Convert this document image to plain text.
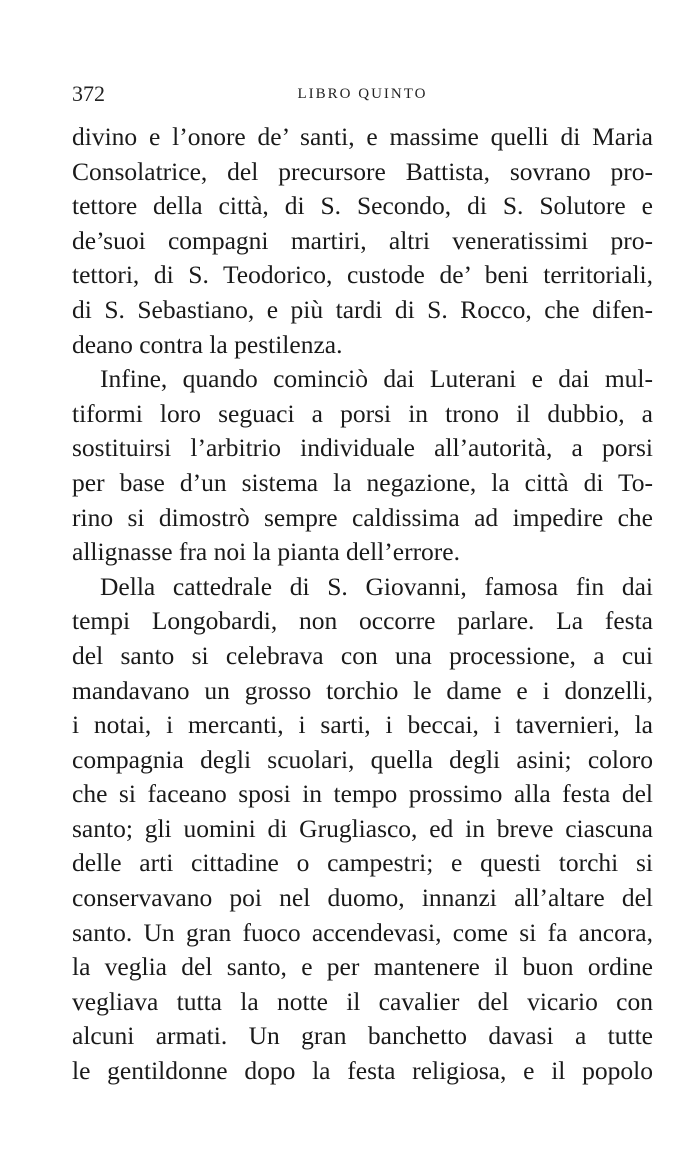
372	LIBRO QUINTO
divino e l’onore de’ santi, e massime quelli di Maria
Consolatrice, del precursore Battista, sovrano pro-
tettore della città, di S. Secondo, di S. Solutore e
de’suoi compagni martiri, altri veneratissimi pro-
tettori, di S. Teodorico, custode de’ beni territoriali,
di S. Sebastiano, e più tardi di S. Rocco, che difen-
deano contra la pestilenza.
Infine, quando cominciò dai Luterani e dai mul-
tiformi loro seguaci a porsi in trono il dubbio, a
sostituirsi l’arbitrio individuale all’autorità, a porsi
per base d’un sistema la negazione, la città di To-
rino si dimostrò sempre caldissima ad impedire che
allignasse fra noi la pianta dell’errore.
Della cattedrale di S. Giovanni, famosa fin dai
tempi Longobardi, non occorre parlare. La festa
del santo si celebrava con una processione, a cui
mandavano un grosso torchio le dame e i donzelli,
i notai, i mercanti, i sarti, i beccai, i tavernieri, la
compagnia degli scuolari, quella degli asini; coloro
che si faceano sposi in tempo prossimo alla festa del
santo; gli uomini di Grugliasco, ed in breve ciascuna
delle arti cittadine o campestri; e questi torchi si
conservavano poi nel duomo, innanzi all’altare del
santo. Un gran fuoco accendevasi, come si fa ancora,
la veglia del santo, e per mantenere il buon ordine
vegliava tutta la notte il cavalier del vicario con
alcuni armati. Un gran banchetto davasi a tutte
le gentildonne dopo la festa religiosa, e il popolo
